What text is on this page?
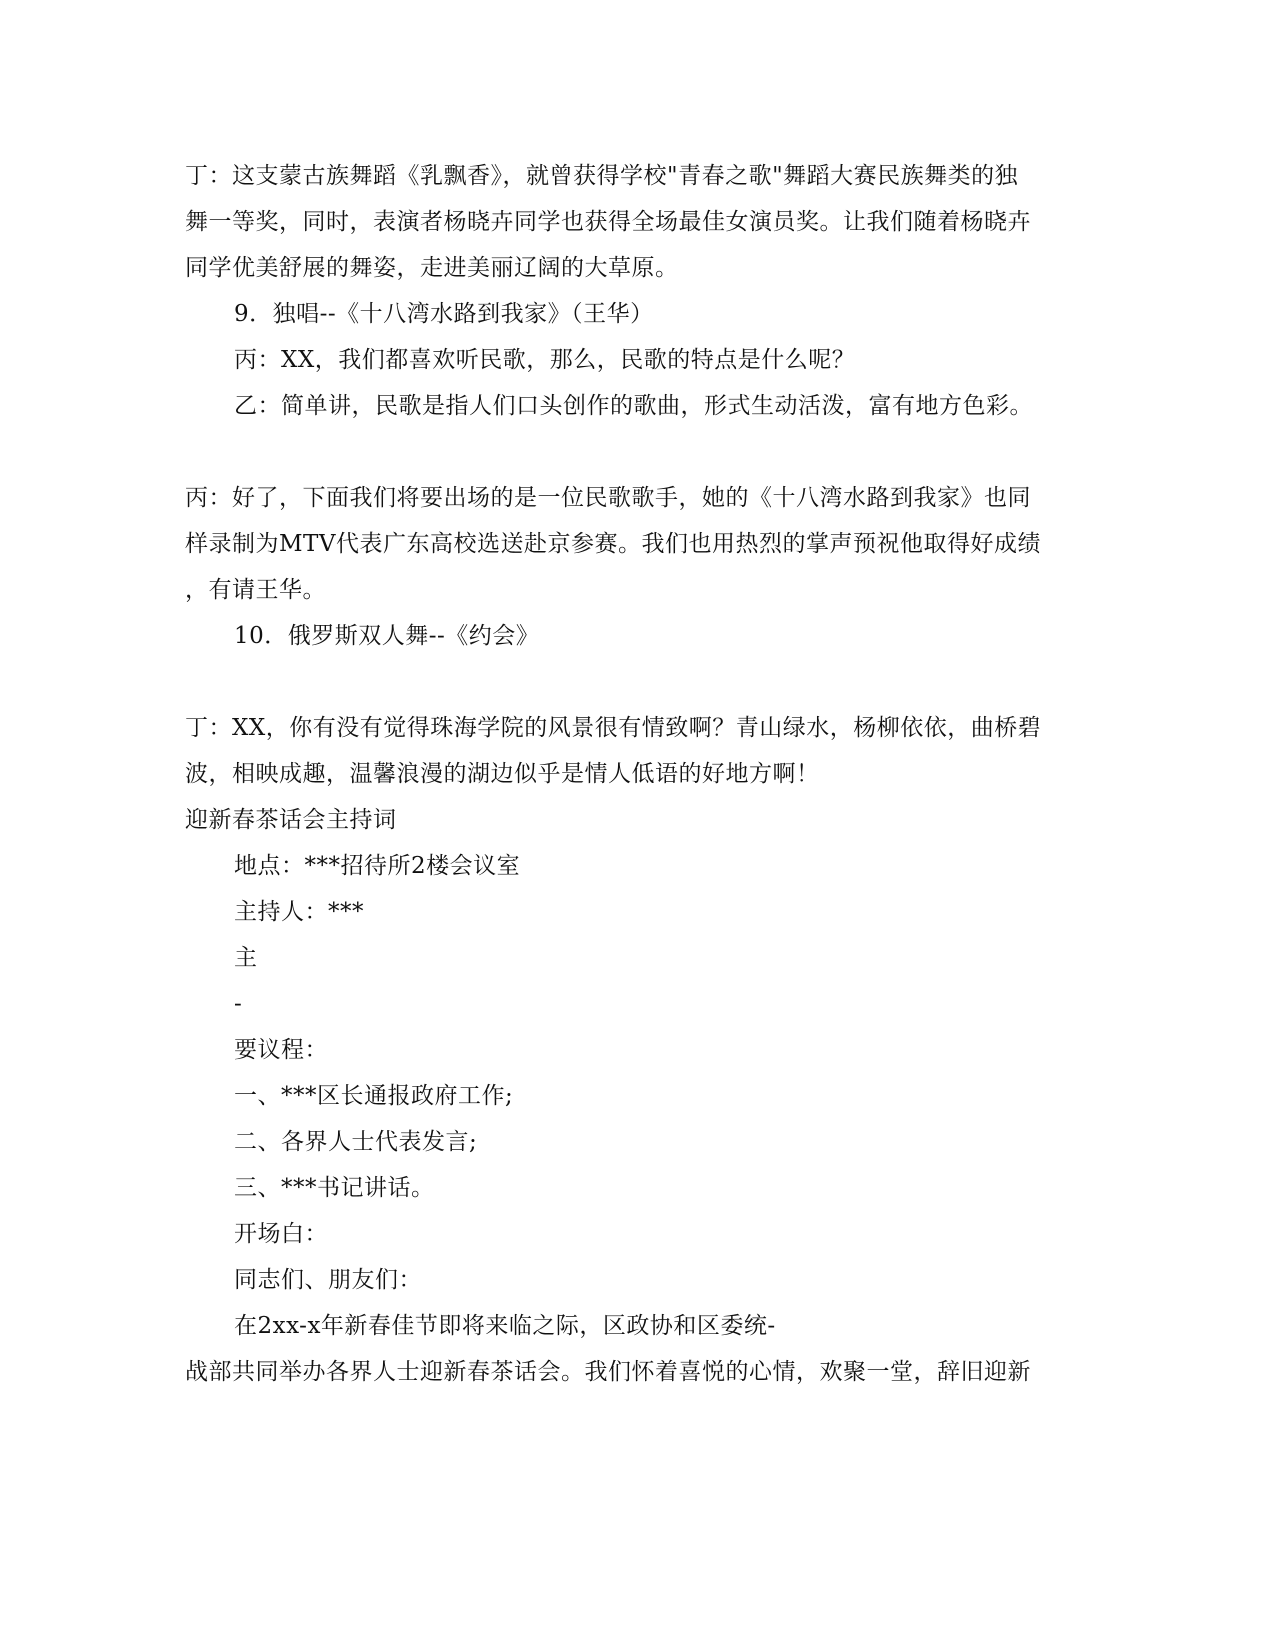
丁：这支蒙古族舞蹈《乳飘香》，就曾获得学校"青春之歌"舞蹈大赛民族舞类的独
舞一等奖，同时，表演者杨晓卉同学也获得全场最佳女演员奖。让我们随着杨晓卉
同学优美舒展的舞姿，走进美丽辽阔的大草原。
9．独唱--《十八湾水路到我家》（王华）
丙：XX，我们都喜欢听民歌，那么，民歌的特点是什么呢？
乙：简单讲，民歌是指人们口头创作的歌曲，形式生动活泼，富有地方色彩。
丙：好了，下面我们将要出场的是一位民歌歌手，她的《十八湾水路到我家》也同
样录制为MTV代表广东高校选送赴京参赛。我们也用热烈的掌声预祝他取得好成绩
，有请王华。
10．俄罗斯双人舞--《约会》
丁：XX，你有没有觉得珠海学院的风景很有情致啊？青山绿水，杨柳依依，曲桥碧
波，相映成趣，温馨浪漫的湖边似乎是情人低语的好地方啊！
迎新春茶话会主持词
地点：***招待所2楼会议室
主持人：***
主
-
要议程：
一、***区长通报政府工作;
二、各界人士代表发言;
三、***书记讲话。
开场白：
同志们、朋友们：
在2xx-x年新春佳节即将来临之际，区政协和区委统-
战部共同举办各界人士迎新春茶话会。我们怀着喜悦的心情，欢聚一堂，辞旧迎新
